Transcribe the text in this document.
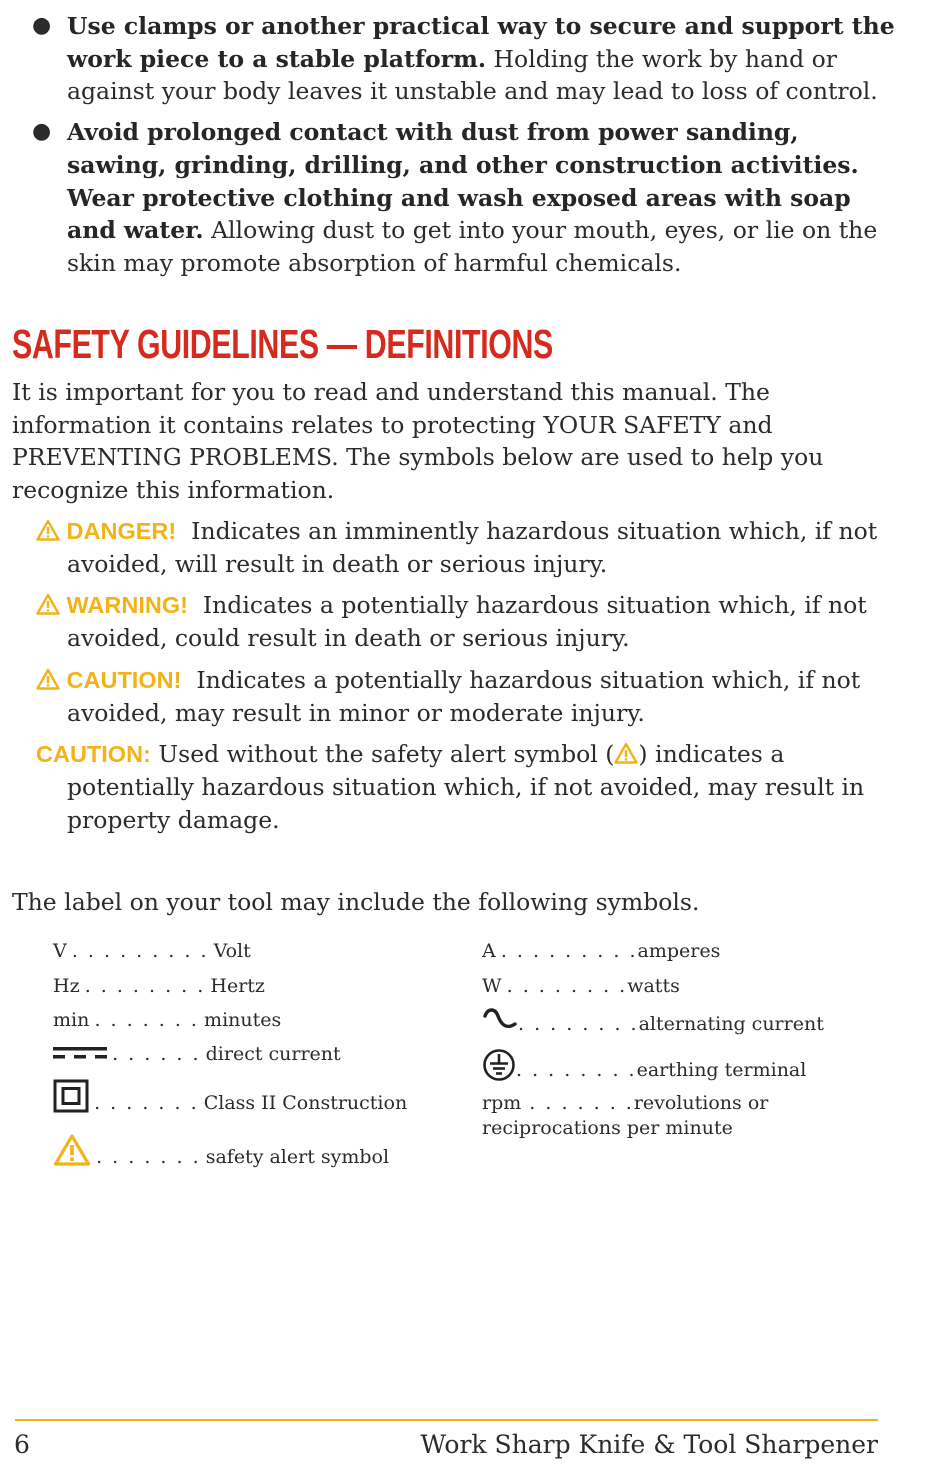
● Use clamps or another practical way to secure and support the work piece to a stable platform. Holding the work by hand or against your body leaves it unstable and may lead to loss of control.
● Avoid prolonged contact with dust from power sanding, sawing, grinding, drilling, and other construction activities. Wear protective clothing and wash exposed areas with soap and water. Allowing dust to get into your mouth, eyes, or lie on the skin may promote absorption of harmful chemicals.
SAFETY GUIDELINES — DEFINITIONS

It is important for you to read and understand this manual. The information it contains relates to protecting YOUR SAFETY and PREVENTING PROBLEMS. The symbols below are used to help you recognize this information.

DANGER! Indicates an imminently hazardous situation which, if not avoided, will result in death or serious injury.
WARNING! Indicates a potentially hazardous situation which, if not avoided, could result in death or serious injury.
CAUTION! Indicates a potentially hazardous situation which, if not avoided, may result in minor or moderate injury.
CAUTION: Used without the safety alert symbol ( ) indicates a potentially hazardous situation which, if not avoided, may result in property damage.

The label on your tool may include the following symbols.

V . . . . . . . . . Volt
Hz . . . . . . . . Hertz
min . . . . . . . minutes
. . . . . . direct current
. . . . . . . Class II Construction
. . . . . . . safety alert symbol
A . . . . . . . . .amperes
W . . . . . . . .watts
. . . . . . . .alternating current
. . . . . . . .earthing terminal
rpm . . . . . . .revolutions or
reciprocations per minute
6	Work Sharp Knife & Tool Sharpener
